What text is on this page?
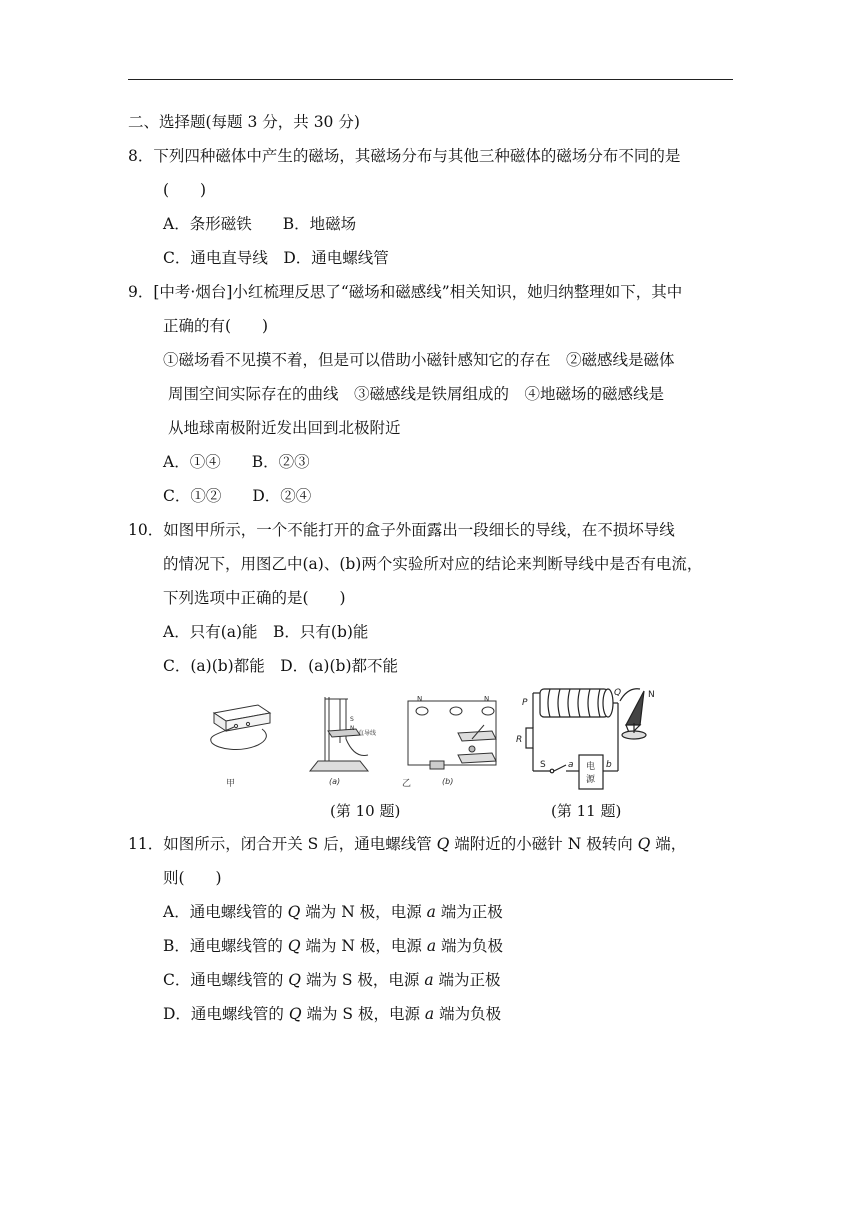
二、选择题(每题 3 分，共 30 分)
8．下列四种磁体中产生的磁场，其磁场分布与其他三种磁体的磁场分布不同的是
(　　)
A．条形磁铁　　B．地磁场
C．通电直导线　D．通电螺线管
9．[中考·烟台]小红梳理反思了“磁场和磁感线”相关知识，她归纳整理如下，其中
正确的有(　　)
①磁场看不见摸不着，但是可以借助小磁针感知它的存在　②磁感线是磁体
周围空间实际存在的曲线　③磁感线是铁屑组成的　④地磁场的磁感线是
从地球南极附近发出回到北极附近
A．①④　　B．②③
C．①②　　D．②④
10．如图甲所示，一个不能打开的盒子外面露出一段细长的导线，在不损坏导线
的情况下，用图乙中(a)、(b)两个实验所对应的结论来判断导线中是否有电流，
下列选项中正确的是(　　)
A．只有(a)能　B．只有(b)能
C．(a)(b)都能　D．(a)(b)都不能
甲
S
N
直导线
(a)
N	N
(b)
乙
P
Q	N
R
S a	b
电
源
(第 10 题)	(第 11 题)
11．如图所示，闭合开关 S 后，通电螺线管 Q 端附近的小磁针 N 极转向 Q 端，
则(　　)
A．通电螺线管的 Q 端为 N 极，电源 a 端为正极
B．通电螺线管的 Q 端为 N 极，电源 a 端为负极
C．通电螺线管的 Q 端为 S 极，电源 a 端为正极
D．通电螺线管的 Q 端为 S 极，电源 a 端为负极
